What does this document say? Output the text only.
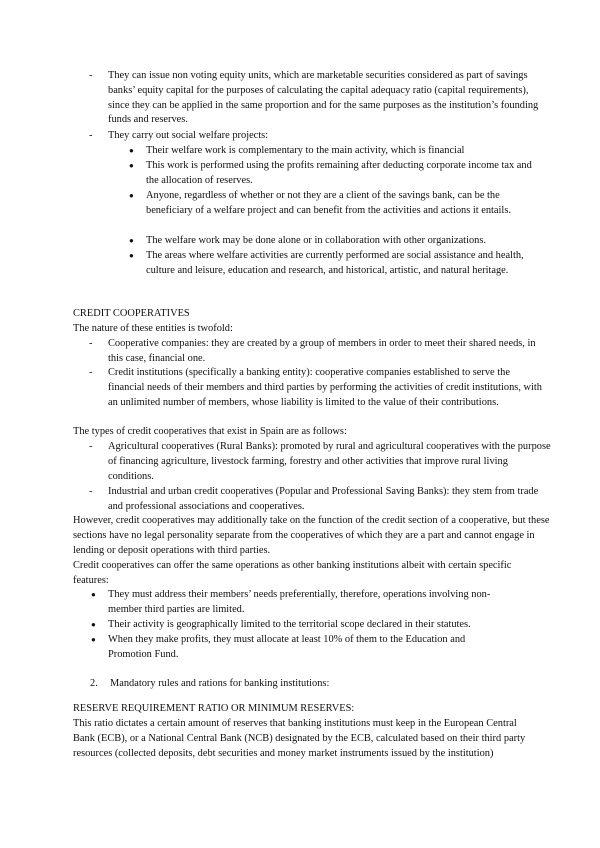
- They can issue non voting equity units, which are marketable securities considered as part of savings banks’ equity capital for the purposes of calculating the capital adequacy ratio (capital requirements), since they can be applied in the same proportion and for the same purposes as the institution’s founding funds and reserves.
- They carry out social welfare projects:
● Their welfare work is complementary to the main activity, which is financial
● This work is performed using the profits remaining after deducting corporate income tax and the allocation of reserves.
● Anyone, regardless of whether or not they are a client of the savings bank, can be the beneficiary of a welfare project and can benefit from the activities and actions it entails.
● The welfare work may be done alone or in collaboration with other organizations.
● The areas where welfare activities are currently performed are social assistance and health, culture and leisure, education and research, and historical, artistic, and natural heritage.
CREDIT COOPERATIVES
The nature of these entities is twofold:
- Cooperative companies: they are created by a group of members in order to meet their shared needs, in this case, financial one.
- Credit institutions (specifically a banking entity): cooperative companies established to serve the financial needs of their members and third parties by performing the activities of credit institutions, with an unlimited number of members, whose liability is limited to the value of their contributions.
The types of credit cooperatives that exist in Spain are as follows:
- Agricultural cooperatives (Rural Banks): promoted by rural and agricultural cooperatives with the purpose of financing agriculture, livestock farming, forestry and other activities that improve rural living conditions.
- Industrial and urban credit cooperatives (Popular and Professional Saving Banks): they stem from trade and professional associations and cooperatives.
However, credit cooperatives may additionally take on the function of the credit section of a cooperative, but these sections have no legal personality separate from the cooperatives of which they are a part and cannot engage in lending or deposit operations with third parties.
Credit cooperatives can offer the same operations as other banking institutions albeit with certain specific features:
● They must address their members’ needs preferentially, therefore, operations involving non-member third parties are limited.
● Their activity is geographically limited to the territorial scope declared in their statutes.
● When they make profits, they must allocate at least 10% of them to the Education and Promotion Fund.
2. Mandatory rules and rations for banking institutions:
RESERVE REQUIREMENT RATIO OR MINIMUM RESERVES:
This ratio dictates a certain amount of reserves that banking institutions must keep in the European Central Bank (ECB), or a National Central Bank (NCB) designated by the ECB, calculated based on their third party resources (collected deposits, debt securities and money market instruments issued by the institution)
